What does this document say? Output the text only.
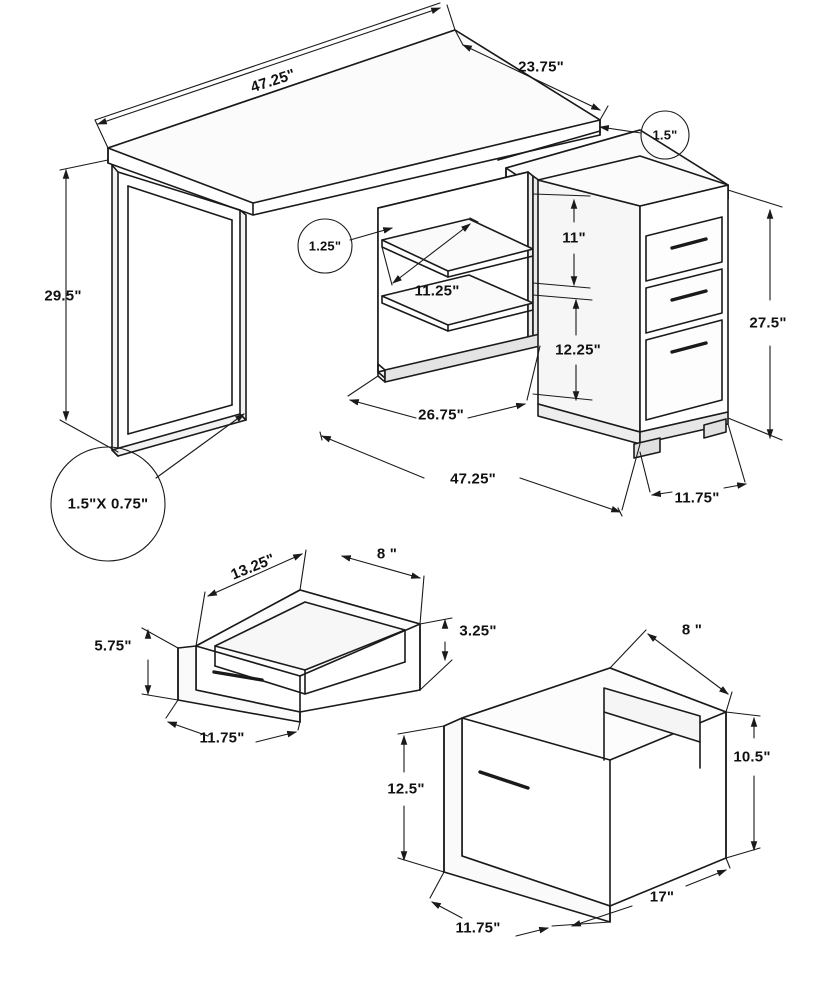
47.25"	23.75"
1.5"
29.5"
1.25"
11.25"
11"
12.25"
27.5"
26.75"
47.25"
11.75"
1.5"X 0.75"
13.25"	8 "
3.25"
5.75"
11.75"
8 "
10.5"
12.5"
11.75"
17"
